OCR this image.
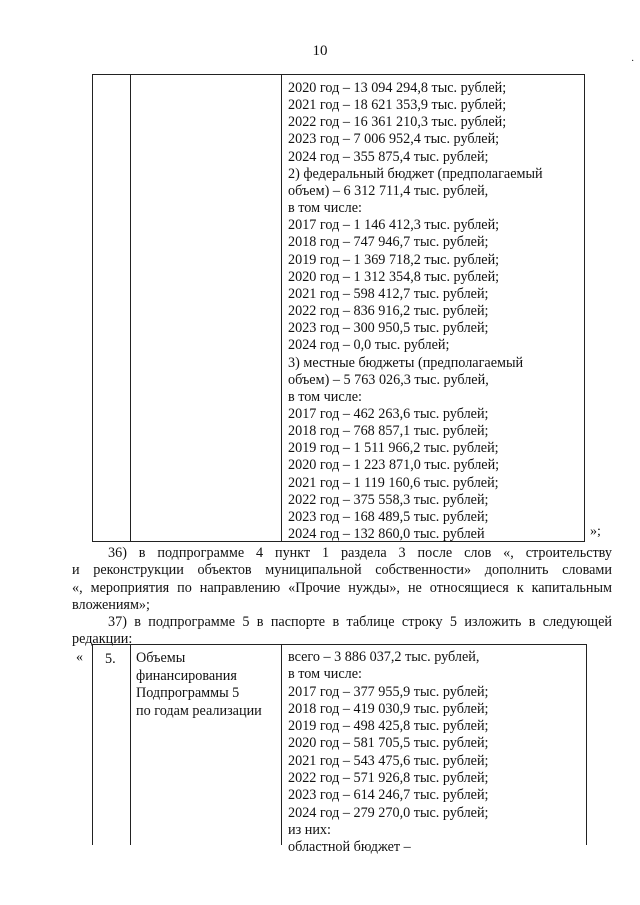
10
·
2020 год – 13 094 294,8 тыс. рублей;
2021 год – 18 621 353,9 тыс. рублей;
2022 год – 16 361 210,3 тыс. рублей;
2023 год – 7 006 952,4 тыс. рублей;
2024 год – 355 875,4 тыс. рублей;
2) федеральный бюджет (предполагаемый
объем) – 6 312 711,4 тыс. рублей,
в том числе:
2017 год – 1 146 412,3 тыс. рублей;
2018 год – 747 946,7 тыс. рублей;
2019 год – 1 369 718,2 тыс. рублей;
2020 год – 1 312 354,8 тыс. рублей;
2021 год – 598 412,7 тыс. рублей;
2022 год – 836 916,2 тыс. рублей;
2023 год – 300 950,5 тыс. рублей;
2024 год – 0,0 тыс. рублей;
3) местные бюджеты (предполагаемый
объем) – 5 763 026,3 тыс. рублей,
в том числе:
2017 год – 462 263,6 тыс. рублей;
2018 год – 768 857,1 тыс. рублей;
2019 год – 1 511 966,2 тыс. рублей;
2020 год – 1 223 871,0 тыс. рублей;
2021 год – 1 119 160,6 тыс. рублей;
2022 год – 375 558,3 тыс. рублей;
2023 год – 168 489,5 тыс. рублей;
2024 год – 132 860,0 тыс. рублей	»;
36) в подпрограмме 4 пункт 1 раздела 3 после слов «, строительству
и реконструкции объектов муниципальной собственности» дополнить словами
«, мероприятия по направлению «Прочие нужды», не относящиеся к капитальным
вложениям»;
37) в подпрограмме 5 в паспорте в таблице строку 5 изложить в следующей
редакции:
« 5. Объемы
финансирования
Подпрограммы 5
по годам реализации
всего – 3 886 037,2 тыс. рублей,
в том числе:
2017 год – 377 955,9 тыс. рублей;
2018 год – 419 030,9 тыс. рублей;
2019 год – 498 425,8 тыс. рублей;
2020 год – 581 705,5 тыс. рублей;
2021 год – 543 475,6 тыс. рублей;
2022 год – 571 926,8 тыс. рублей;
2023 год – 614 246,7 тыс. рублей;
2024 год – 279 270,0 тыс. рублей;
из них:
областной бюджет –
